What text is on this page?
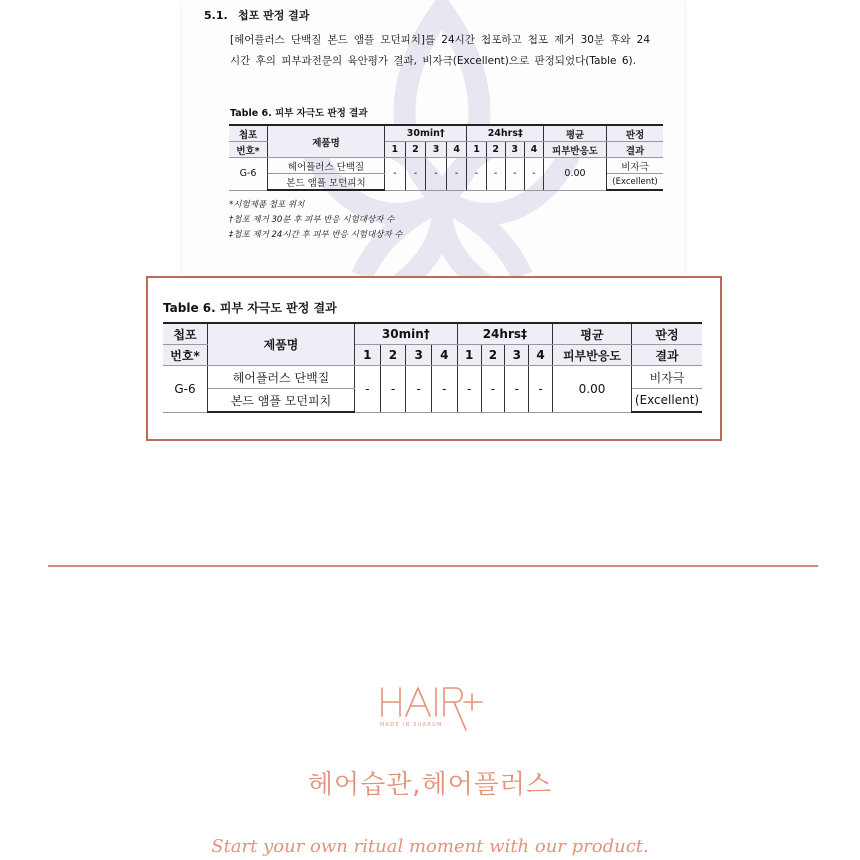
5.1. 첩포 판정 결과
[헤어플러스 단백질 본드 앰플 모던피치]를 24시간 첩포하고 첩포 제거 30분 후와 24시간 후의 피부과전문의 육안평가 결과, 비자극(Excellent)으로 판정되었다(Table 6).
Table 6. 피부 자극도 판정 결과
첩포	제품명	30min†				24hrs‡				평균	판정
번호*		1	2	3	4	1	2	3	4	피부반응도	결과
G-6	헤어플러스 단백질	-	-	-	-	-	-	-	-	0.00	비자극
	본드 앰플 모던피치										(Excellent)
*시험제품 첩포 위치
†첩포 제거 30분 후 피부 반응 시험대상자 수
‡첩포 제거 24시간 후 피부 반응 시험대상자 수
Table 6. 피부 자극도 판정 결과
첩포	제품명	30min†				24hrs‡				평균	판정
번호*		1	2	3	4	1	2	3	4	피부반응도	결과
G-6	헤어플러스 단백질	-	-	-	-	-	-	-	-	0.00	비자극
	본드 앰플 모던피치										(Excellent)
MADE IN SUARUM
헤어습관,헤어플러스
Start your own ritual moment with our product.
